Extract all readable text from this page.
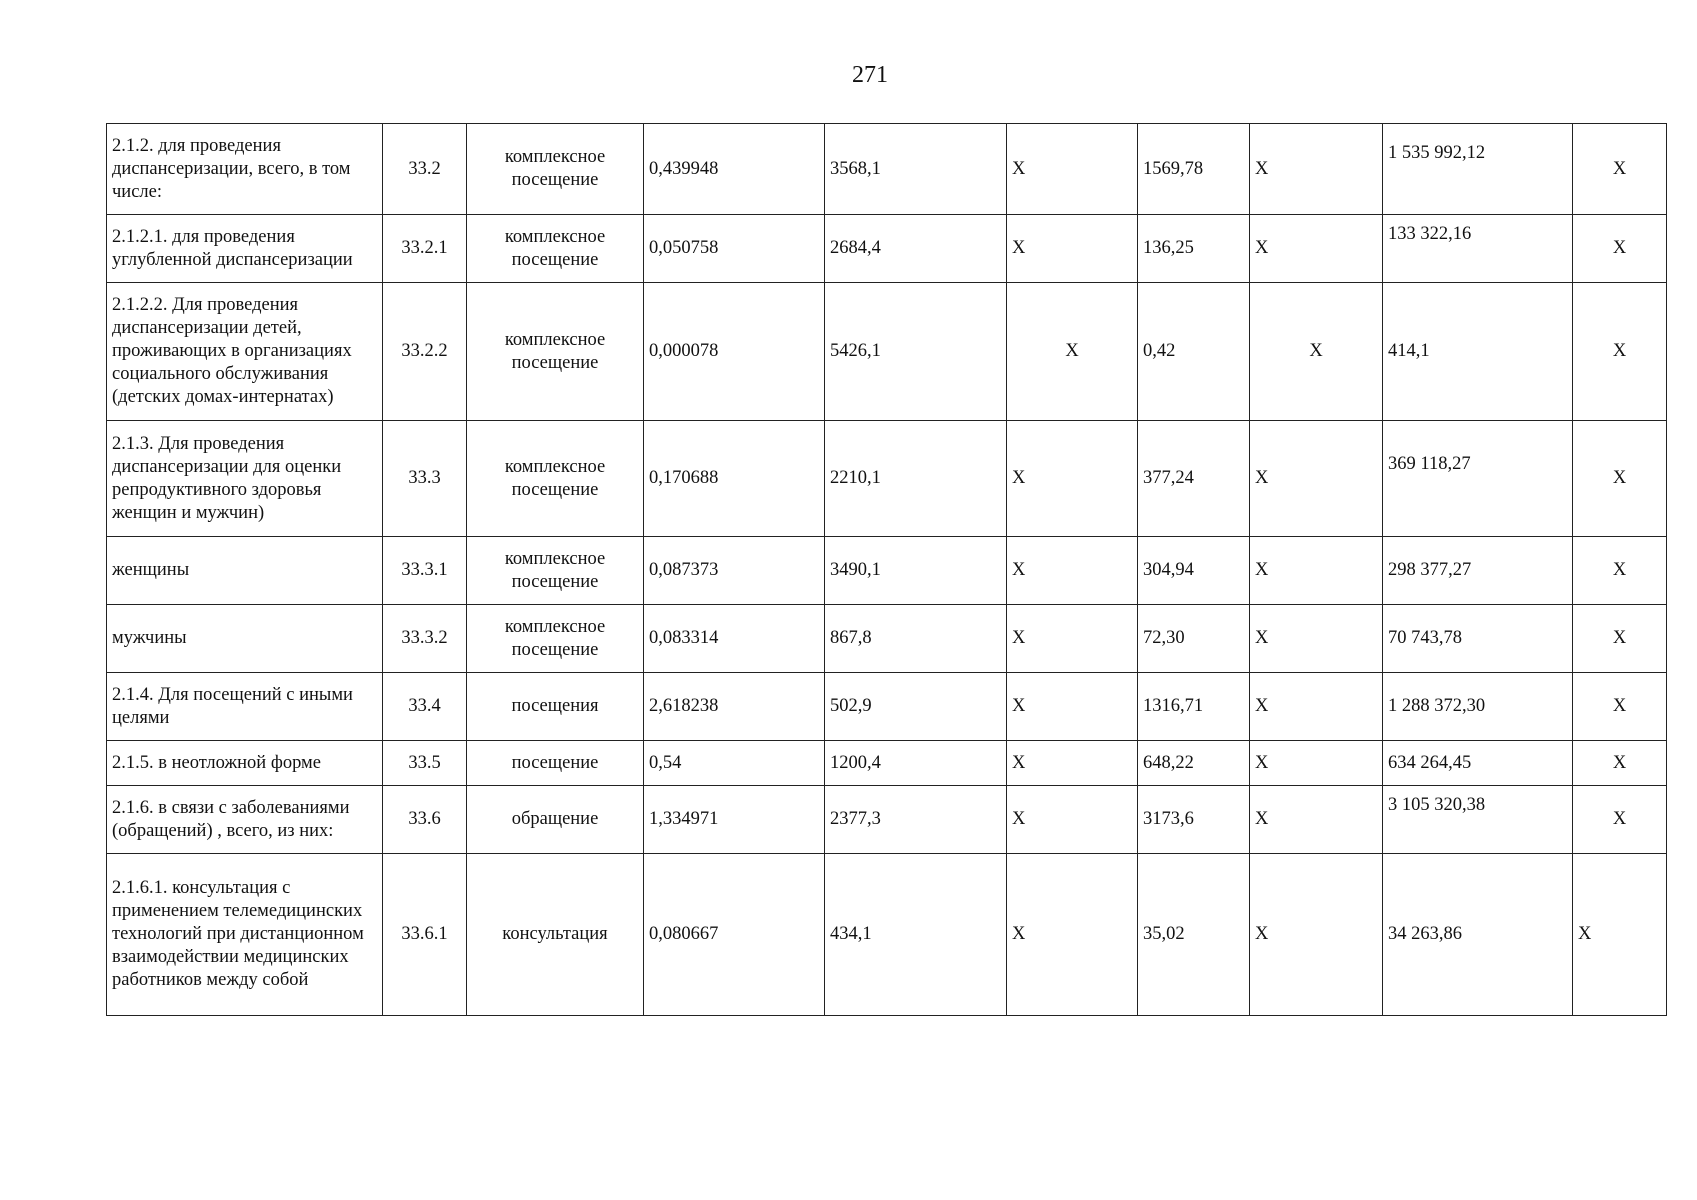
271
2.1.2. для проведения диспансеризации, всего, в том числе:	33.2	комплексное посещение	0,439948	3568,1	X	1569,78	X	1 535 992,12	X
2.1.2.1. для проведения углубленной диспансеризации	33.2.1	комплексное посещение	0,050758	2684,4	X	136,25	X	133 322,16	X
2.1.2.2. Для проведения диспансеризации детей, проживающих в организациях социального обслуживания (детских домах-интернатах)	33.2.2	комплексное посещение	0,000078	5426,1	X	0,42	X	414,1	X
2.1.3. Для проведения диспансеризации для оценки репродуктивного здоровья женщин и мужчин)	33.3	комплексное посещение	0,170688	2210,1	X	377,24	X	369 118,27	X
женщины	33.3.1	комплексное посещение	0,087373	3490,1	X	304,94	X	298 377,27	X
мужчины	33.3.2	комплексное посещение	0,083314	867,8	X	72,30	X	70 743,78	X
2.1.4. Для посещений с иными целями	33.4	посещения	2,618238	502,9	X	1316,71	X	1 288 372,30	X
2.1.5. в неотложной форме	33.5	посещение	0,54	1200,4	X	648,22	X	634 264,45	X
2.1.6. в связи с заболеваниями (обращений) , всего, из них:	33.6	обращение	1,334971	2377,3	X	3173,6	X	3 105 320,38	X
2.1.6.1. консультация с применением телемедицинских технологий при дистанционном взаимодействии медицинских работников между собой	33.6.1	консультация	0,080667	434,1	X	35,02	X	34 263,86	X
